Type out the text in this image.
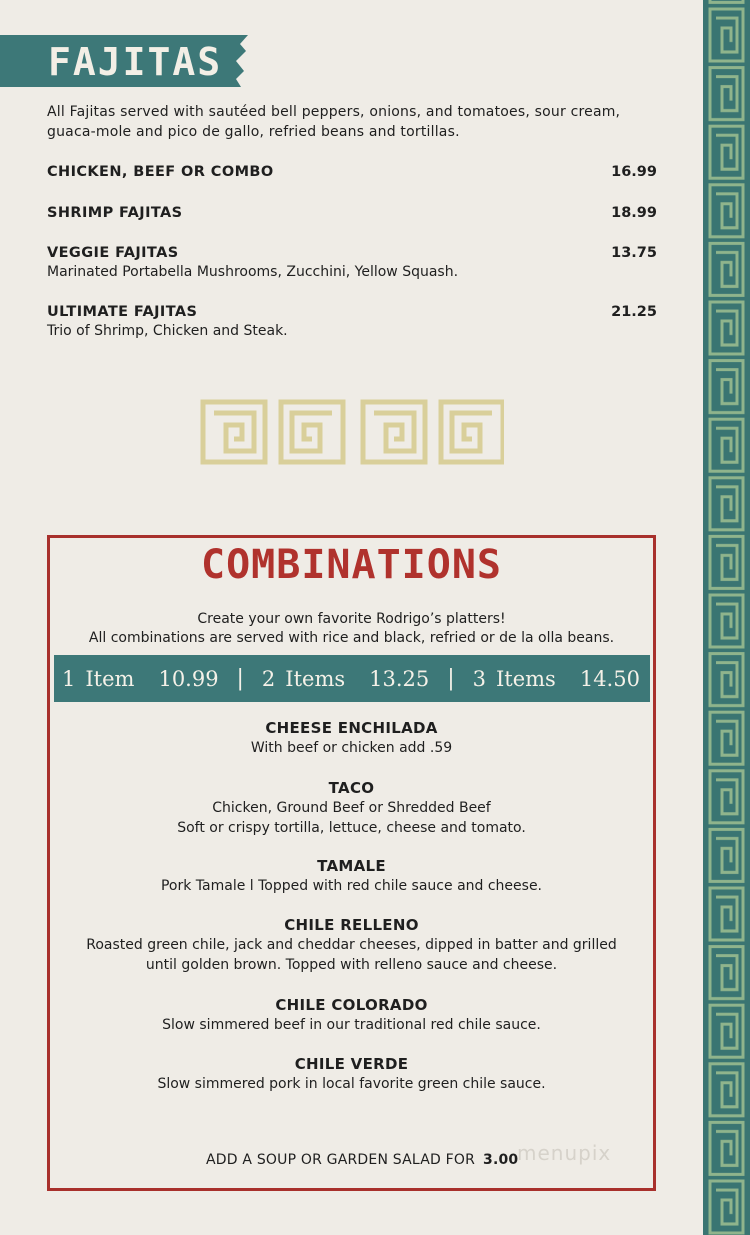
FAJITAS
All Fajitas served with sautéed bell peppers, onions, and tomatoes, sour cream, guaca-mole and pico de gallo, refried beans and tortillas.
CHICKEN, BEEF OR COMBO	16.99
SHRIMP FAJITAS	18.99
VEGGIE FAJITAS	13.75
Marinated Portabella Mushrooms, Zucchini, Yellow Squash.
ULTIMATE FAJITAS	21.25
Trio of Shrimp, Chicken and Steak.
COMBINATIONS
Create your own favorite Rodrigo’s platters!
All combinations are served with rice and black, refried or de la olla beans.
1 Item 10.99 | 2 Items 13.25 | 3 Items 14.50
CHEESE ENCHILADA
With beef or chicken add .59
TACO
Chicken, Ground Beef or Shredded Beef
Soft or crispy tortilla, lettuce, cheese and tomato.
TAMALE
Pork Tamale l Topped with red chile sauce and cheese.
CHILE RELLENO
Roasted green chile, jack and cheddar cheeses, dipped in batter and grilled
until golden brown. Topped with relleno sauce and cheese.
CHILE COLORADO
Slow simmered beef in our traditional red chile sauce.
CHILE VERDE
Slow simmered pork in local favorite green chile sauce.
ADD A SOUP OR GARDEN SALAD FOR 3.00
menupix
